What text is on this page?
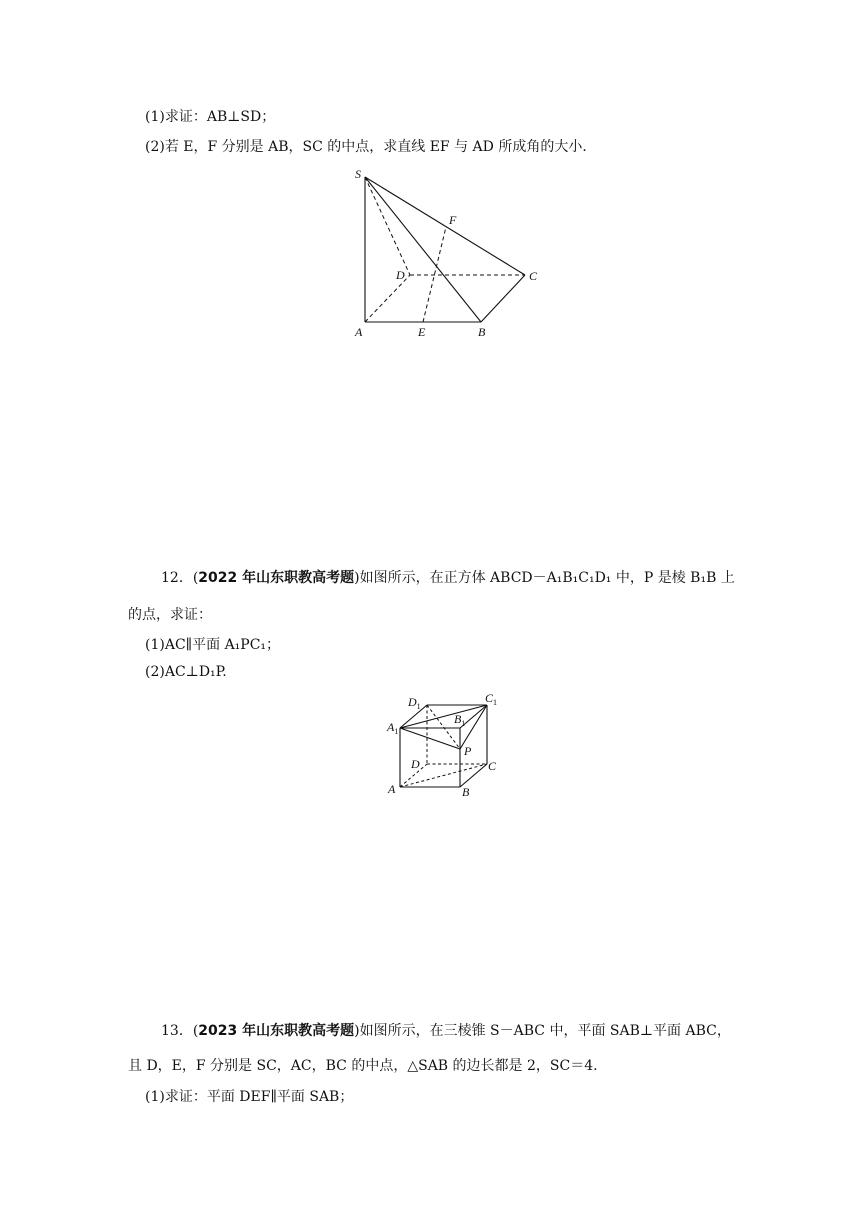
(1)求证：AB⊥SD；
(2)若 E，F 分别是 AB，SC 的中点，求直线 EF 与 AD 所成角的大小．
S
F
D	C
A	E	B
12．(2022 年山东职教高考题)如图所示，在正方体 ABCD－A₁B₁C₁D₁ 中，P 是棱 B₁B 上
的点，求证：
(1)AC∥平面 A₁PC₁；
(2)AC⊥D₁P.
$D_1$
$C_1$
$A_1$
$B_1$
P
D	C
A	B
13．(2023 年山东职教高考题)如图所示，在三棱锥 S－ABC 中，平面 SAB⊥平面 ABC，
且 D，E，F 分别是 SC，AC，BC 的中点，△SAB 的边长都是 2，SC＝4.
(1)求证：平面 DEF∥平面 SAB；
